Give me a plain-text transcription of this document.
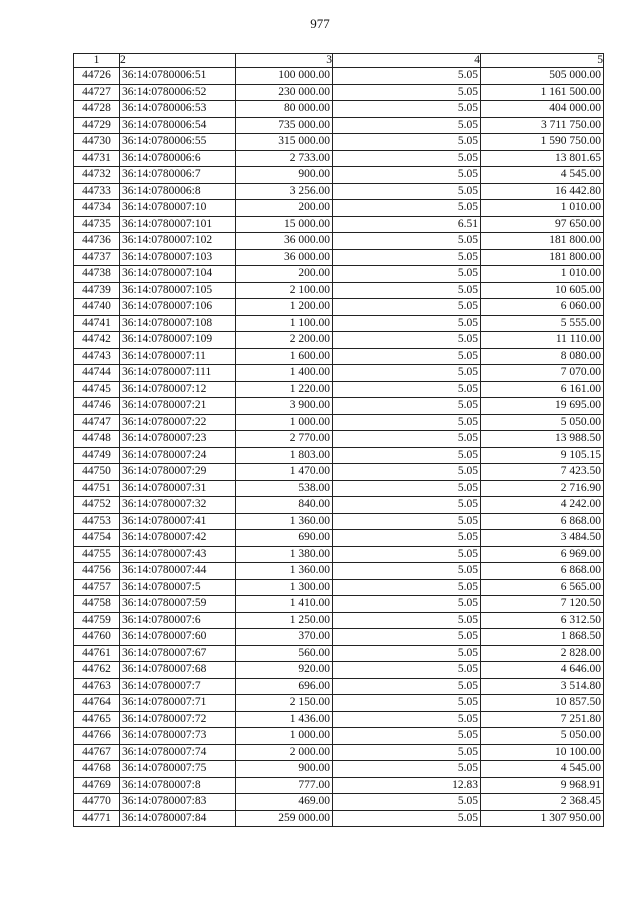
977
1	2	3	4	5
44726	36:14:0780006:51	100 000.00	5.05	505 000.00
44727	36:14:0780006:52	230 000.00	5.05	1 161 500.00
44728	36:14:0780006:53	80 000.00	5.05	404 000.00
44729	36:14:0780006:54	735 000.00	5.05	3 711 750.00
44730	36:14:0780006:55	315 000.00	5.05	1 590 750.00
44731	36:14:0780006:6	2 733.00	5.05	13 801.65
44732	36:14:0780006:7	900.00	5.05	4 545.00
44733	36:14:0780006:8	3 256.00	5.05	16 442.80
44734	36:14:0780007:10	200.00	5.05	1 010.00
44735	36:14:0780007:101	15 000.00	6.51	97 650.00
44736	36:14:0780007:102	36 000.00	5.05	181 800.00
44737	36:14:0780007:103	36 000.00	5.05	181 800.00
44738	36:14:0780007:104	200.00	5.05	1 010.00
44739	36:14:0780007:105	2 100.00	5.05	10 605.00
44740	36:14:0780007:106	1 200.00	5.05	6 060.00
44741	36:14:0780007:108	1 100.00	5.05	5 555.00
44742	36:14:0780007:109	2 200.00	5.05	11 110.00
44743	36:14:0780007:11	1 600.00	5.05	8 080.00
44744	36:14:0780007:111	1 400.00	5.05	7 070.00
44745	36:14:0780007:12	1 220.00	5.05	6 161.00
44746	36:14:0780007:21	3 900.00	5.05	19 695.00
44747	36:14:0780007:22	1 000.00	5.05	5 050.00
44748	36:14:0780007:23	2 770.00	5.05	13 988.50
44749	36:14:0780007:24	1 803.00	5.05	9 105.15
44750	36:14:0780007:29	1 470.00	5.05	7 423.50
44751	36:14:0780007:31	538.00	5.05	2 716.90
44752	36:14:0780007:32	840.00	5.05	4 242.00
44753	36:14:0780007:41	1 360.00	5.05	6 868.00
44754	36:14:0780007:42	690.00	5.05	3 484.50
44755	36:14:0780007:43	1 380.00	5.05	6 969.00
44756	36:14:0780007:44	1 360.00	5.05	6 868.00
44757	36:14:0780007:5	1 300.00	5.05	6 565.00
44758	36:14:0780007:59	1 410.00	5.05	7 120.50
44759	36:14:0780007:6	1 250.00	5.05	6 312.50
44760	36:14:0780007:60	370.00	5.05	1 868.50
44761	36:14:0780007:67	560.00	5.05	2 828.00
44762	36:14:0780007:68	920.00	5.05	4 646.00
44763	36:14:0780007:7	696.00	5.05	3 514.80
44764	36:14:0780007:71	2 150.00	5.05	10 857.50
44765	36:14:0780007:72	1 436.00	5.05	7 251.80
44766	36:14:0780007:73	1 000.00	5.05	5 050.00
44767	36:14:0780007:74	2 000.00	5.05	10 100.00
44768	36:14:0780007:75	900.00	5.05	4 545.00
44769	36:14:0780007:8	777.00	12.83	9 968.91
44770	36:14:0780007:83	469.00	5.05	2 368.45
44771	36:14:0780007:84	259 000.00	5.05	1 307 950.00
